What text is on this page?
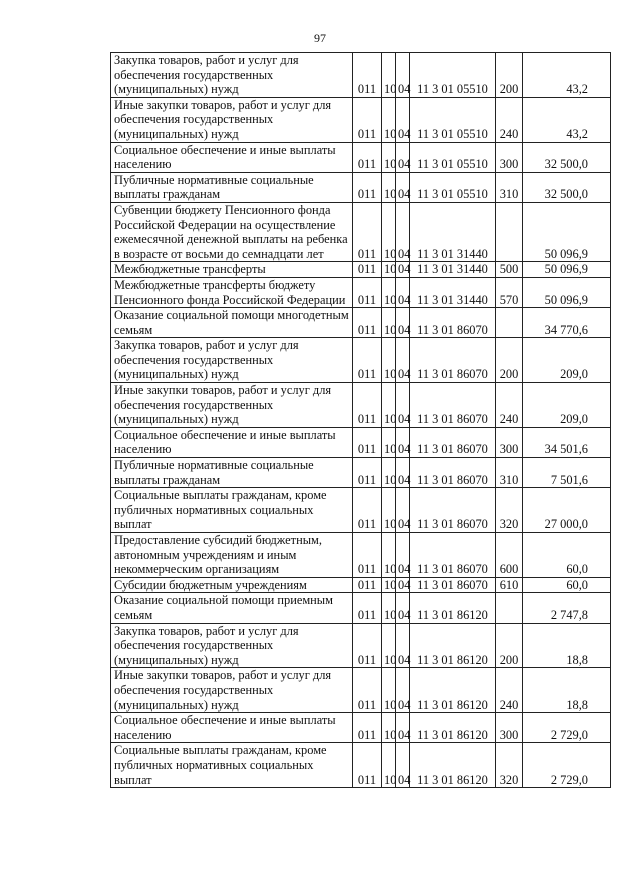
97
Закупка товаров, работ и услуг для обеспечения государственных (муниципальных) нужд	011	10	04	11 3 01 05510	200	43,2
Иные закупки товаров, работ и услуг для обеспечения государственных (муниципальных) нужд	011	10	04	11 3 01 05510	240	43,2
Социальное обеспечение и иные выплаты населению	011	10	04	11 3 01 05510	300	32 500,0
Публичные нормативные социальные выплаты гражданам	011	10	04	11 3 01 05510	310	32 500,0
Субвенции бюджету Пенсионного фонда Российской Федерации на осуществление ежемесячной денежной выплаты на ребенка в возрасте от восьми до семнадцати лет	011	10	04	11 3 01 31440		50 096,9
Межбюджетные трансферты	011	10	04	11 3 01 31440	500	50 096,9
Межбюджетные трансферты бюджету Пенсионного фонда Российской Федерации	011	10	04	11 3 01 31440	570	50 096,9
Оказание социальной помощи многодетным семьям	011	10	04	11 3 01 86070		34 770,6
Закупка товаров, работ и услуг для обеспечения государственных (муниципальных) нужд	011	10	04	11 3 01 86070	200	209,0
Иные закупки товаров, работ и услуг для обеспечения государственных (муниципальных) нужд	011	10	04	11 3 01 86070	240	209,0
Социальное обеспечение и иные выплаты населению	011	10	04	11 3 01 86070	300	34 501,6
Публичные нормативные социальные выплаты гражданам	011	10	04	11 3 01 86070	310	7 501,6
Социальные выплаты гражданам, кроме публичных нормативных социальных выплат	011	10	04	11 3 01 86070	320	27 000,0
Предоставление субсидий бюджетным, автономным учреждениям и иным некоммерческим организациям	011	10	04	11 3 01 86070	600	60,0
Субсидии бюджетным учреждениям	011	10	04	11 3 01 86070	610	60,0
Оказание социальной помощи приемным семьям	011	10	04	11 3 01 86120		2 747,8
Закупка товаров, работ и услуг для обеспечения государственных (муниципальных) нужд	011	10	04	11 3 01 86120	200	18,8
Иные закупки товаров, работ и услуг для обеспечения государственных (муниципальных) нужд	011	10	04	11 3 01 86120	240	18,8
Социальное обеспечение и иные выплаты населению	011	10	04	11 3 01 86120	300	2 729,0
Социальные выплаты гражданам, кроме публичных нормативных социальных выплат	011	10	04	11 3 01 86120	320	2 729,0
